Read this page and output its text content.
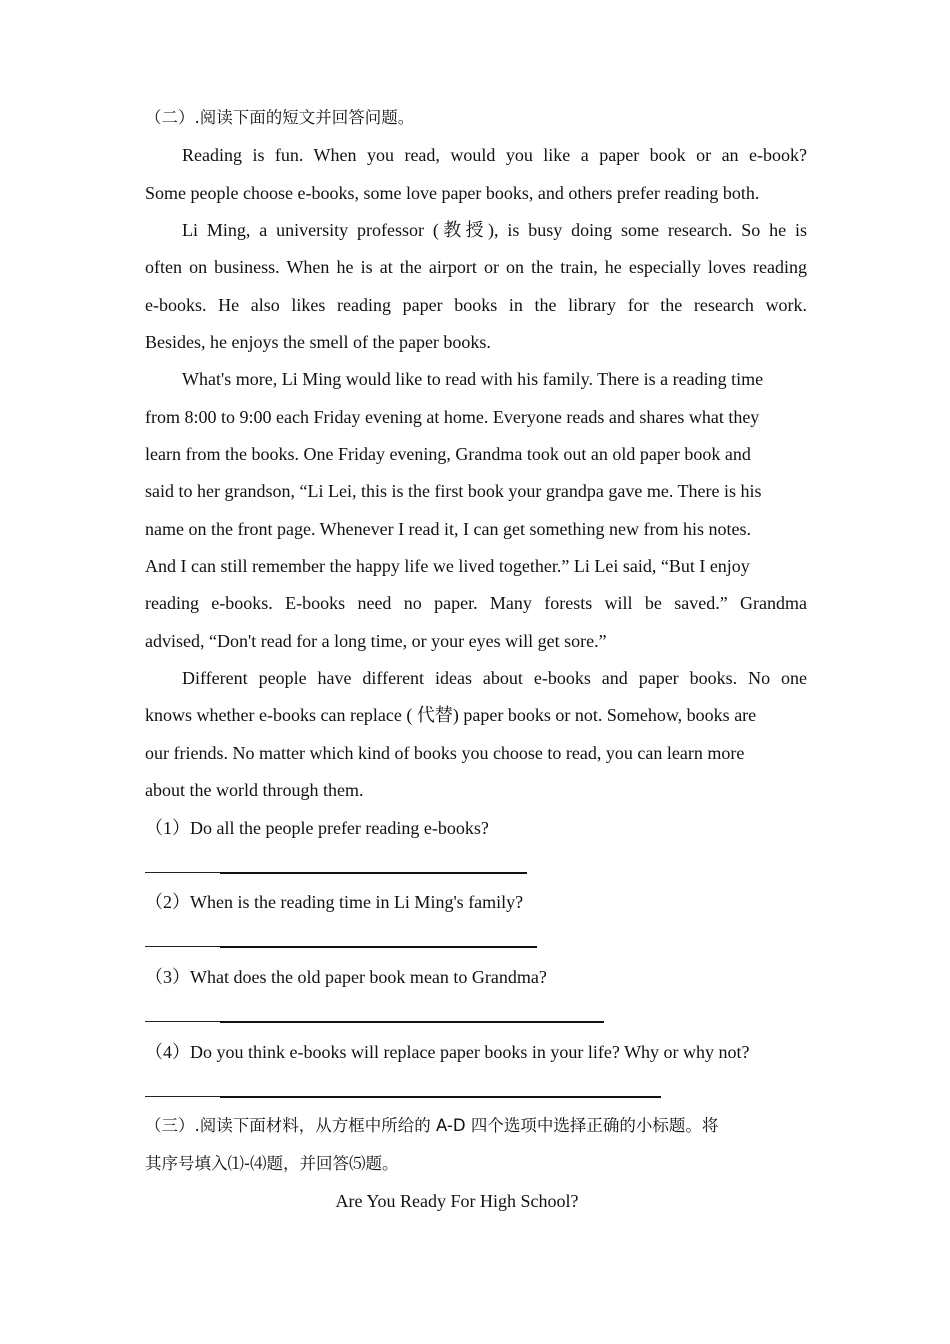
（二）.阅读下面的短文并回答问题。
Reading is fun. When you read, would you like a paper book or an e-book?
Some people choose e-books, some love paper books, and others prefer reading both.
Li Ming, a university professor (教授), is busy doing some research. So he is
often on business. When he is at the airport or on the train, he especially loves reading
e-books. He also likes reading paper books in the library for the research work.
Besides, he enjoys the smell of the paper books.
What's more, Li Ming would like to read with his family. There is a reading time
from 8:00 to 9:00 each Friday evening at home. Everyone reads and shares what they
learn from the books. One Friday evening, Grandma took out an old paper book and
said to her grandson, “Li Lei, this is the first book your grandpa gave me. There is his
name on the front page. Whenever I read it, I can get something new from his notes.
And I can still remember the happy life we lived together.” Li Lei said, “But I enjoy
reading e-books. E-books need no paper. Many forests will be saved.” Grandma
advised, “Don't read for a long time, or your eyes will get sore.”
Different people have different ideas about e-books and paper books. No one
knows whether e-books can replace ( 代替) paper books or not. Somehow, books are
our friends. No matter which kind of books you choose to read, you can learn more
about the world through them.
（1）Do all the people prefer reading e-books?
（2）When is the reading time in Li Ming's family?
（3）What does the old paper book mean to Grandma?
（4）Do you think e-books will replace paper books in your life? Why or why not?
（三）.阅读下面材料，从方框中所给的 A-D 四个选项中选择正确的小标题。将
其序号填入⑴-⑷题，并回答⑸题。
Are You Ready For High School?
